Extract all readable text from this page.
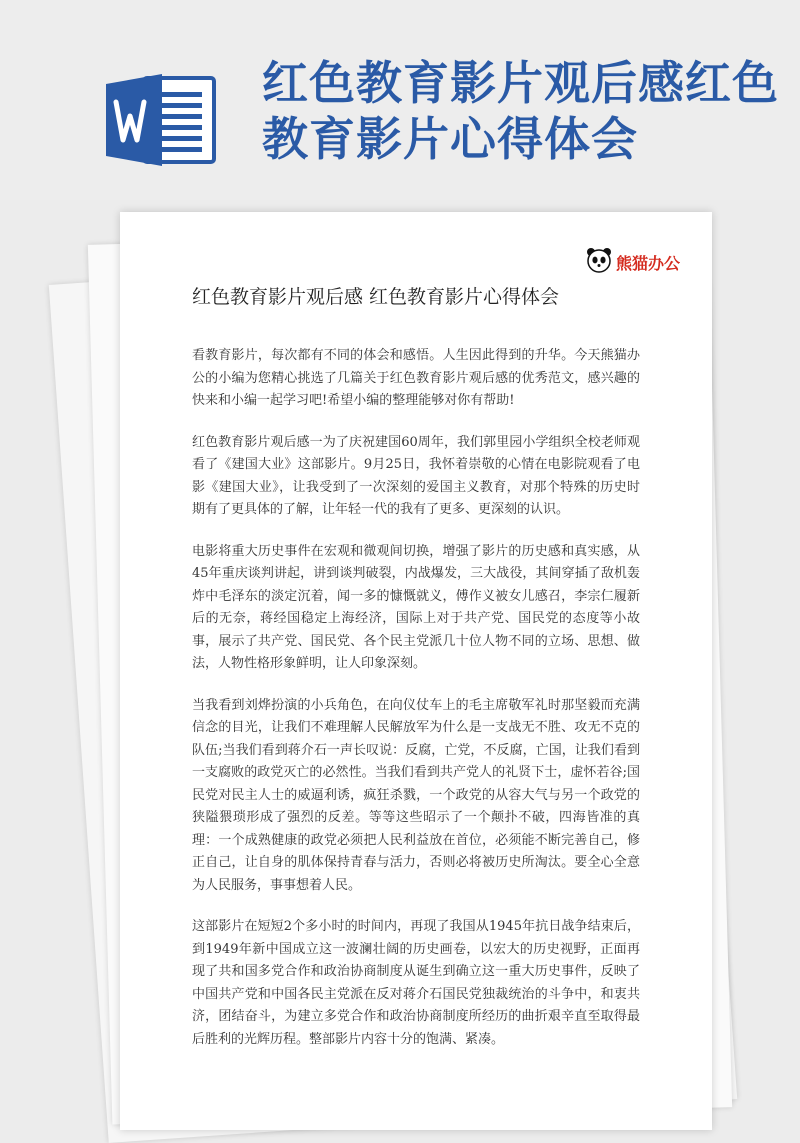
红色教育影片观后感红色教育影片心得体会
熊猫办公
红色教育影片观后感 红色教育影片心得体会

看教育影片，每次都有不同的体会和感悟。人生因此得到的升华。今天熊猫办公的小编为您精心挑选了几篇关于红色教育影片观后感的优秀范文，感兴趣的快来和小编一起学习吧!希望小编的整理能够对你有帮助!

红色教育影片观后感一为了庆祝建国60周年，我们郭里园小学组织全校老师观看了《建国大业》这部影片。9月25日，我怀着崇敬的心情在电影院观看了电影《建国大业》，让我受到了一次深刻的爱国主义教育，对那个特殊的历史时期有了更具体的了解，让年轻一代的我有了更多、更深刻的认识。

电影将重大历史事件在宏观和微观间切换，增强了影片的历史感和真实感，从45年重庆谈判讲起，讲到谈判破裂，内战爆发，三大战役，其间穿插了敌机轰炸中毛泽东的淡定沉着，闻一多的慷慨就义，傅作义被女儿感召，李宗仁履新后的无奈，蒋经国稳定上海经济，国际上对于共产党、国民党的态度等小故事，展示了共产党、国民党、各个民主党派几十位人物不同的立场、思想、做法，人物性格形象鲜明，让人印象深刻。

当我看到刘烨扮演的小兵角色，在向仪仗车上的毛主席敬军礼时那坚毅而充满信念的目光，让我们不难理解人民解放军为什么是一支战无不胜、攻无不克的队伍;当我们看到蒋介石一声长叹说：反腐，亡党，不反腐，亡国，让我们看到一支腐败的政党灭亡的必然性。当我们看到共产党人的礼贤下士，虚怀若谷;国民党对民主人士的威逼利诱，疯狂杀戮，一个政党的从容大气与另一个政党的狭隘猥琐形成了强烈的反差。等等这些昭示了一个颠扑不破，四海皆准的真理：一个成熟健康的政党必须把人民利益放在首位，必须能不断完善自己，修正自己，让自身的肌体保持青春与活力，否则必将被历史所淘汰。要全心全意为人民服务，事事想着人民。

这部影片在短短2个多小时的时间内，再现了我国从1945年抗日战争结束后，到1949年新中国成立这一波澜壮阔的历史画卷，以宏大的历史视野，正面再现了共和国多党合作和政治协商制度从诞生到确立这一重大历史事件，反映了中国共产党和中国各民主党派在反对蒋介石国民党独裁统治的斗争中，和衷共济，团结奋斗，为建立多党合作和政治协商制度所经历的曲折艰辛直至取得最后胜利的光辉历程。整部影片内容十分的饱满、紧凑。
